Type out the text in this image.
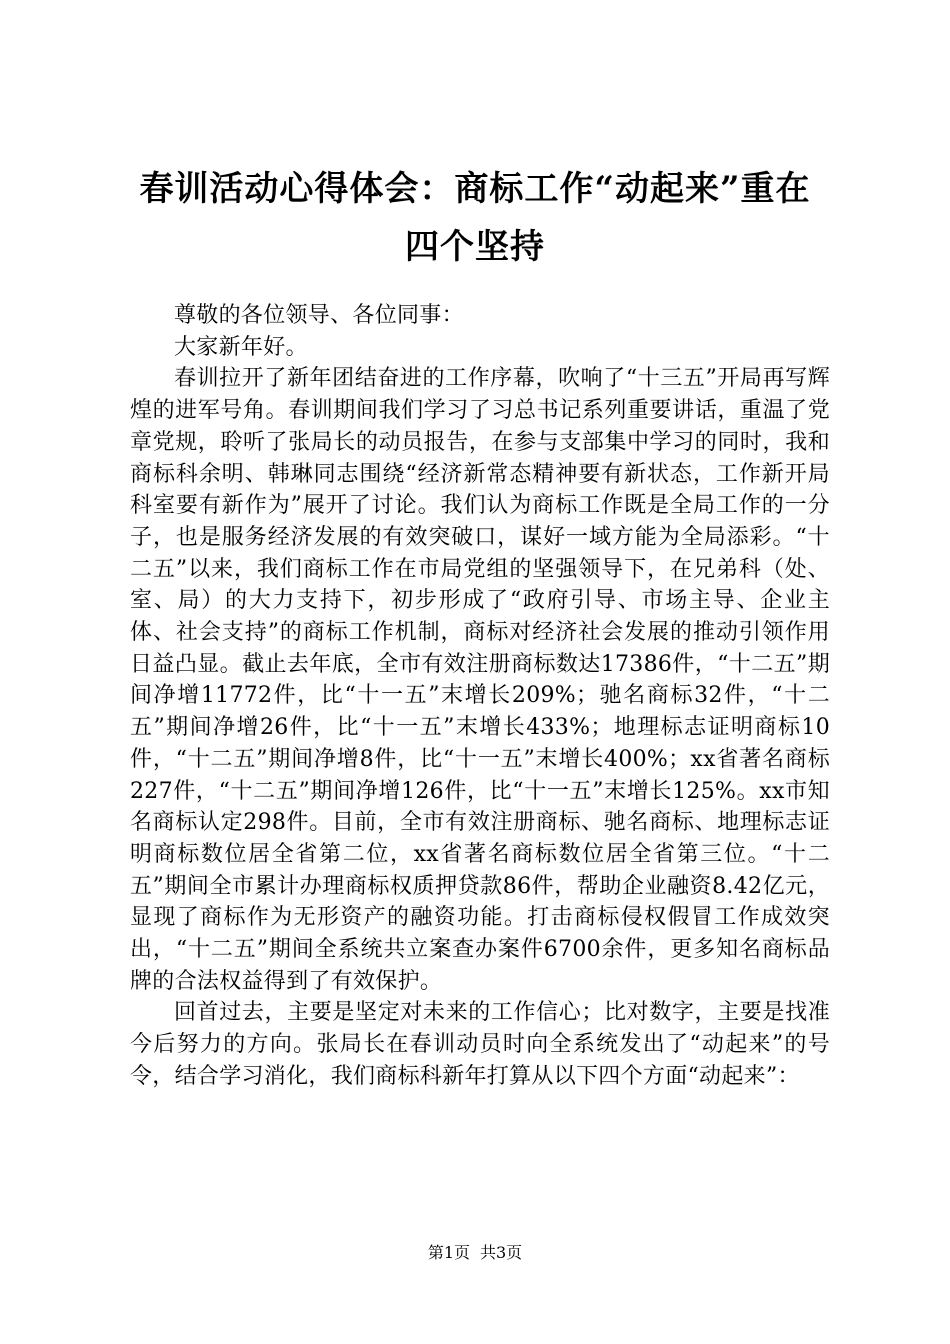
春训活动心得体会：商标工作“动起来”重在
四个坚持

尊敬的各位领导、各位同事：

大家新年好。

春训拉开了新年团结奋进的工作序幕，吹响了“十三五”开局再写辉煌的进军号角。春训期间我们学习了习总书记系列重要讲话，重温了党章党规，聆听了张局长的动员报告，在参与支部集中学习的同时，我和商标科余明、韩琳同志围绕“经济新常态精神要有新状态，工作新开局科室要有新作为”展开了讨论。我们认为商标工作既是全局工作的一分子，也是服务经济发展的有效突破口，谋好一域方能为全局添彩。“十二五”以来，我们商标工作在市局党组的坚强领导下，在兄弟科（处、室、局）的大力支持下，初步形成了“政府引导、市场主导、企业主体、社会支持”的商标工作机制，商标对经济社会发展的推动引领作用日益凸显。截止去年底，全市有效注册商标数达17386件，“十二五”期间净增11772件，比“十一五”末增长209%；驰名商标32件，“十二五”期间净增26件，比“十一五”末增长433%；地理标志证明商标10件，“十二五”期间净增8件，比“十一五”末增长400%；xx省著名商标227件，“十二五”期间净增126件，比“十一五”末增长125%。xx市知名商标认定298件。目前，全市有效注册商标、驰名商标、地理标志证明商标数位居全省第二位，xx省著名商标数位居全省第三位。“十二五”期间全市累计办理商标权质押贷款86件，帮助企业融资8.42亿元，显现了商标作为无形资产的融资功能。打击商标侵权假冒工作成效突出，“十二五”期间全系统共立案查办案件6700余件，更多知名商标品牌的合法权益得到了有效保护。

回首过去，主要是坚定对未来的工作信心；比对数字，主要是找准今后努力的方向。张局长在春训动员时向全系统发出了“动起来”的号令，结合学习消化，我们商标科新年打算从以下四个方面“动起来”：

第1页 共3页
